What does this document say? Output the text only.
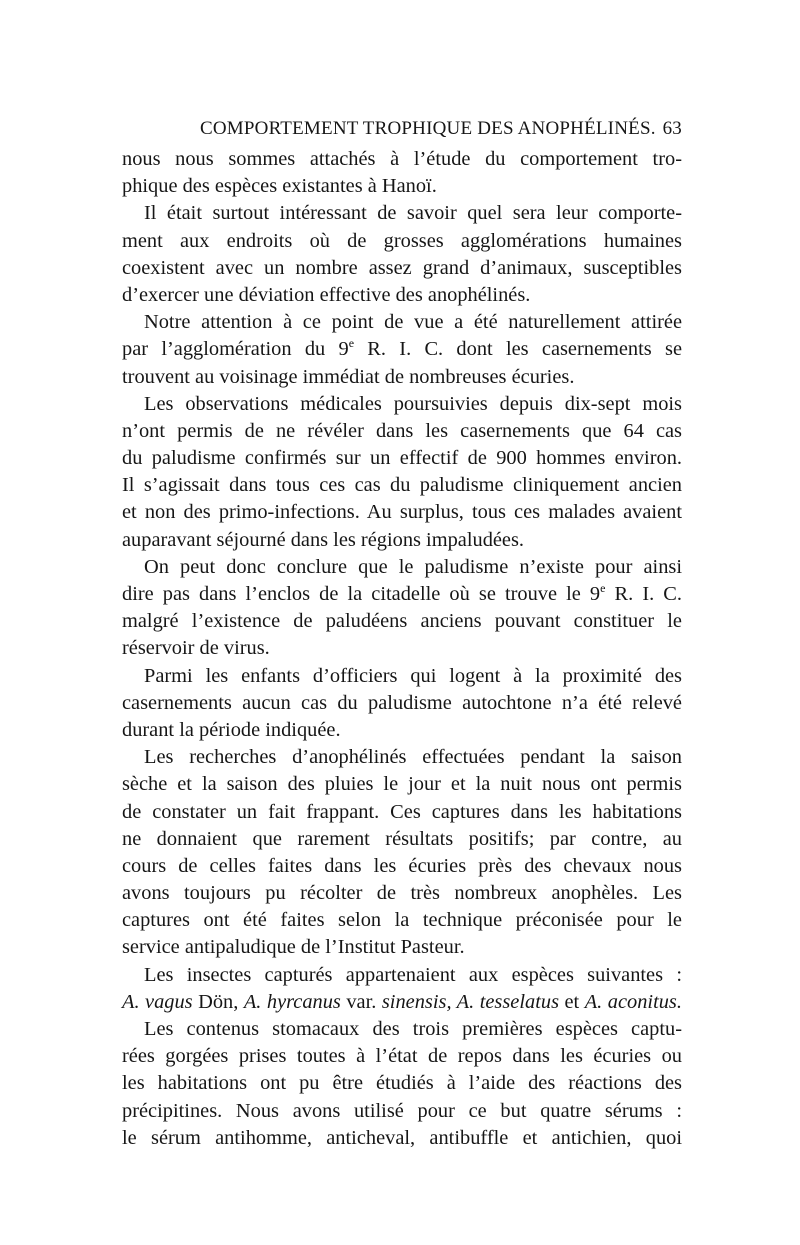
COMPORTEMENT TROPHIQUE DES ANOPHÉLINÉS. 63

nous nous sommes attachés à l’étude du comportement tro-
phique des espèces existantes à Hanoï.

Il était surtout intéressant de savoir quel sera leur comporte-
ment aux endroits où de grosses agglomérations humaines
coexistent avec un nombre assez grand d’animaux, susceptibles
d’exercer une déviation effective des anophélinés.

Notre attention à ce point de vue a été naturellement attirée
par l’agglomération du 9e R. I. C. dont les casernements se
trouvent au voisinage immédiat de nombreuses écuries.

Les observations médicales poursuivies depuis dix-sept mois
n’ont permis de ne révéler dans les casernements que 64 cas
du paludisme confirmés sur un effectif de 900 hommes environ.
Il s’agissait dans tous ces cas du paludisme cliniquement ancien
et non des primo-infections. Au surplus, tous ces malades avaient
auparavant séjourné dans les régions impaludées.

On peut donc conclure que le paludisme n’existe pour ainsi
dire pas dans l’enclos de la citadelle où se trouve le 9e R. I. C.
malgré l’existence de paludéens anciens pouvant constituer le
réservoir de virus.

Parmi les enfants d’officiers qui logent à la proximité des
casernements aucun cas du paludisme autochtone n’a été relevé
durant la période indiquée.

Les recherches d’anophélinés effectuées pendant la saison
sèche et la saison des pluies le jour et la nuit nous ont permis
de constater un fait frappant. Ces captures dans les habitations
ne donnaient que rarement résultats positifs; par contre, au
cours de celles faites dans les écuries près des chevaux nous
avons toujours pu récolter de très nombreux anophèles. Les
captures ont été faites selon la technique préconisée pour le
service antipaludique de l’Institut Pasteur.

Les insectes capturés appartenaient aux espèces suivantes :
A. vagus Dön, A. hyrcanus var. sinensis, A. tesselatus et A. aconitus.

Les contenus stomacaux des trois premières espèces captu-
rées gorgées prises toutes à l’état de repos dans les écuries ou
les habitations ont pu être étudiés à l’aide des réactions des
précipitines. Nous avons utilisé pour ce but quatre sérums :
le sérum antihomme, anticheval, antibuffle et antichien, quoi
